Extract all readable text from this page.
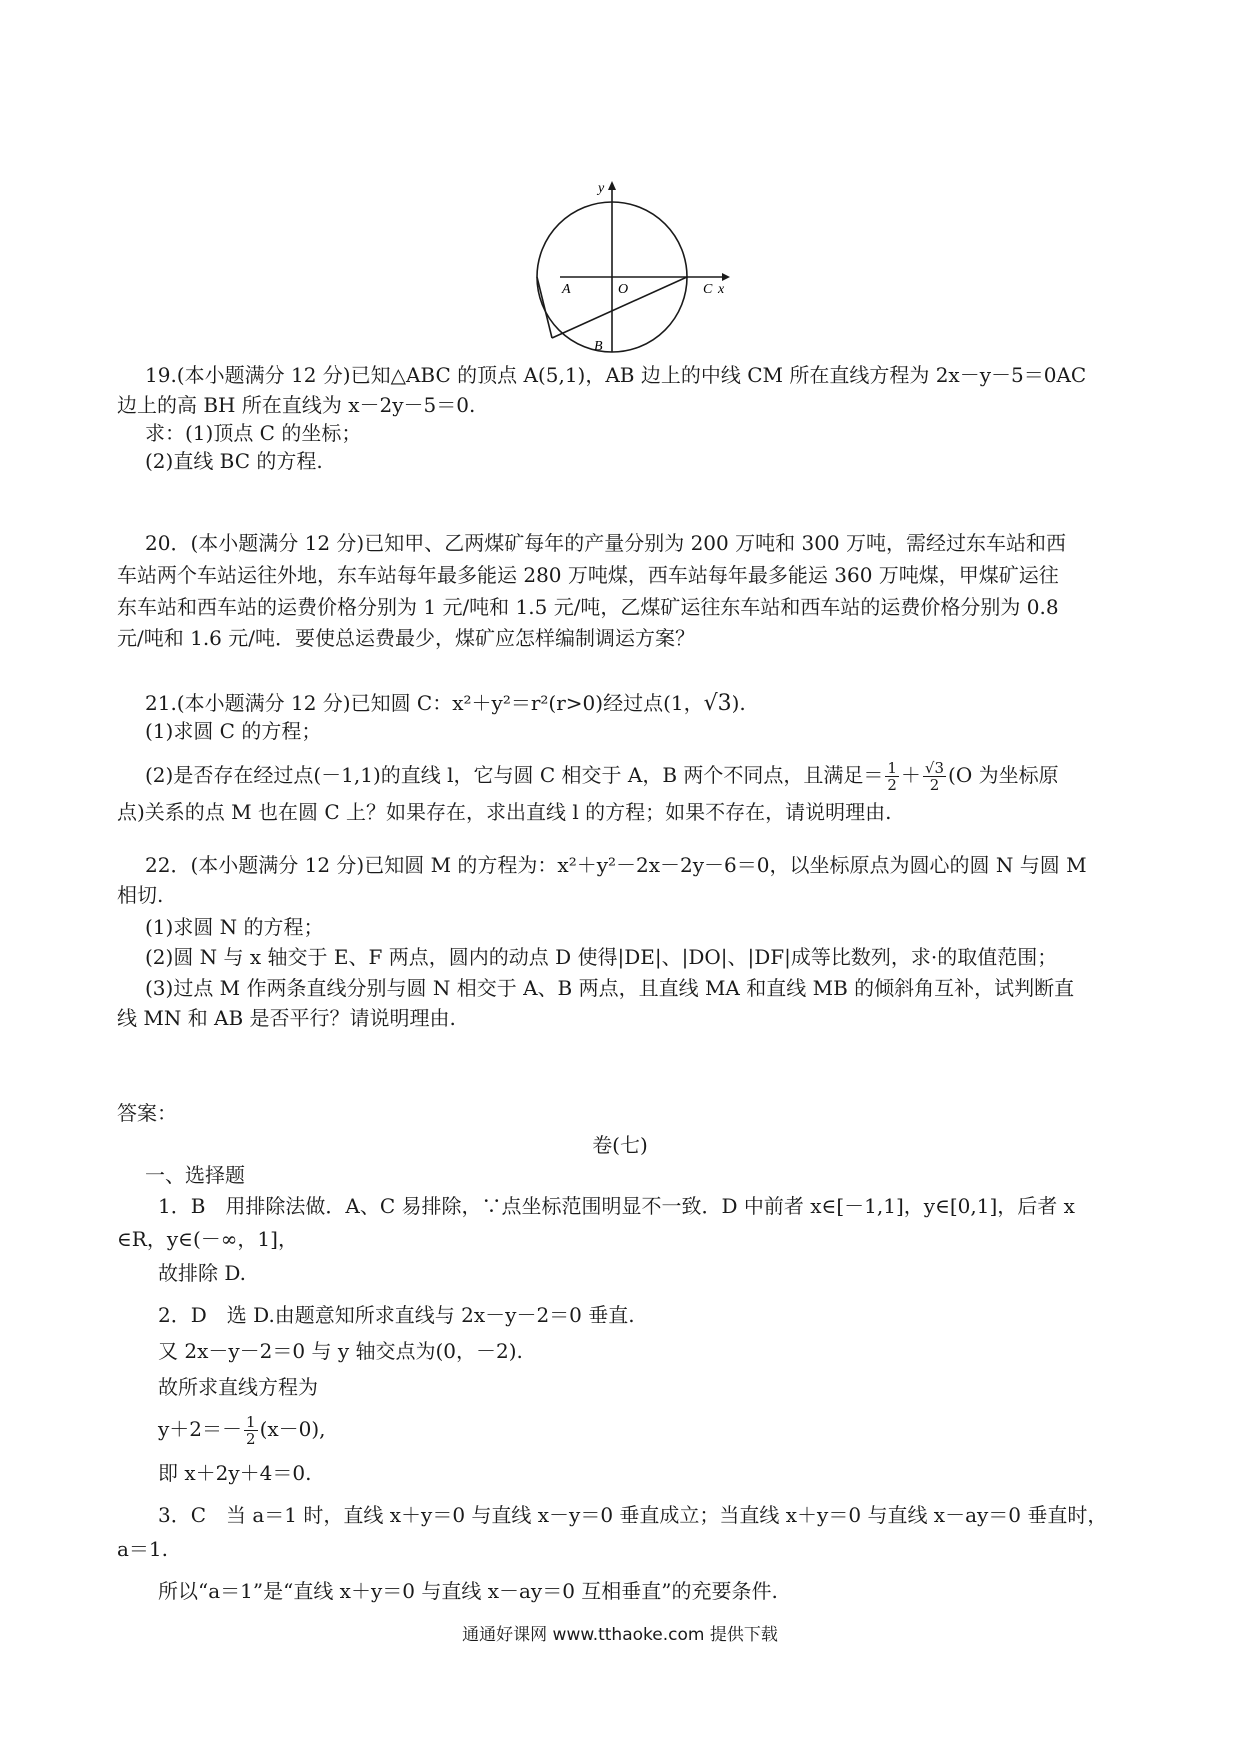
y
x
O
A
B
C
19.(本小题满分 12 分)已知△ABC 的顶点 A(5,1)，AB 边上的中线 CM 所在直线方程为 2x－y－5＝0AC
边上的高 BH 所在直线为 x－2y－5＝0.
求：(1)顶点 C 的坐标；
(2)直线 BC 的方程.
20．(本小题满分 12 分)已知甲、乙两煤矿每年的产量分别为 200 万吨和 300 万吨，需经过东车站和西
车站两个车站运往外地，东车站每年最多能运 280 万吨煤，西车站每年最多能运 360 万吨煤，甲煤矿运往
东车站和西车站的运费价格分别为 1 元/吨和 1.5 元/吨，乙煤矿运往东车站和西车站的运费价格分别为 0.8
元/吨和 1.6 元/吨．要使总运费最少，煤矿应怎样编制调运方案？
21.(本小题满分 12 分)已知圆 C：x²＋y²＝r²(r>0)经过点(1，√3).
(1)求圆 C 的方程；
(2)是否存在经过点(－1,1)的直线 l，它与圆 C 相交于 A，B 两个不同点，且满足＝ $\frac{1}{2} + \frac{√3}{2} (O$ 为坐标原
点)关系的点 M 也在圆 C 上？如果存在，求出直线 l 的方程；如果不存在，请说明理由.
22．(本小题满分 12 分)已知圆 M 的方程为：x²＋y²－2x－2y－6＝0，以坐标原点为圆心的圆 N 与圆 M
相切.
(1)求圆 N 的方程；
(2)圆 N 与 x 轴交于 E、F 两点，圆内的动点 D 使得|DE|、|DO|、|DF|成等比数列，求·的取值范围；
(3)过点 M 作两条直线分别与圆 N 相交于 A、B 两点，且直线 MA 和直线 MB 的倾斜角互补，试判断直
线 MN 和 AB 是否平行？请说明理由.
答案：
卷(七)
一、选择题
1．B　用排除法做．A、C 易排除，∵点坐标范围明显不一致．D 中前者 x∈[－1,1]，y∈[0,1]，后者 x
∈R，y∈(－∞，1]，
故排除 D.
2．D　选 D.由题意知所求直线与 2x－y－2＝0 垂直.
又 2x－y－2＝0 与 y 轴交点为(0，－2).
故所求直线方程为
$y+2=- \frac{1}{2} (x-0)$,
即 x＋2y＋4＝0.
3．C　当 a＝1 时，直线 x＋y＝0 与直线 x－y＝0 垂直成立；当直线 x＋y＝0 与直线 x－ay＝0 垂直时，
a＝1.
所以“a＝1”是“直线 x＋y＝0 与直线 x－ay＝0 互相垂直”的充要条件.
通通好课网 www.tthaoke.com 提供下载
